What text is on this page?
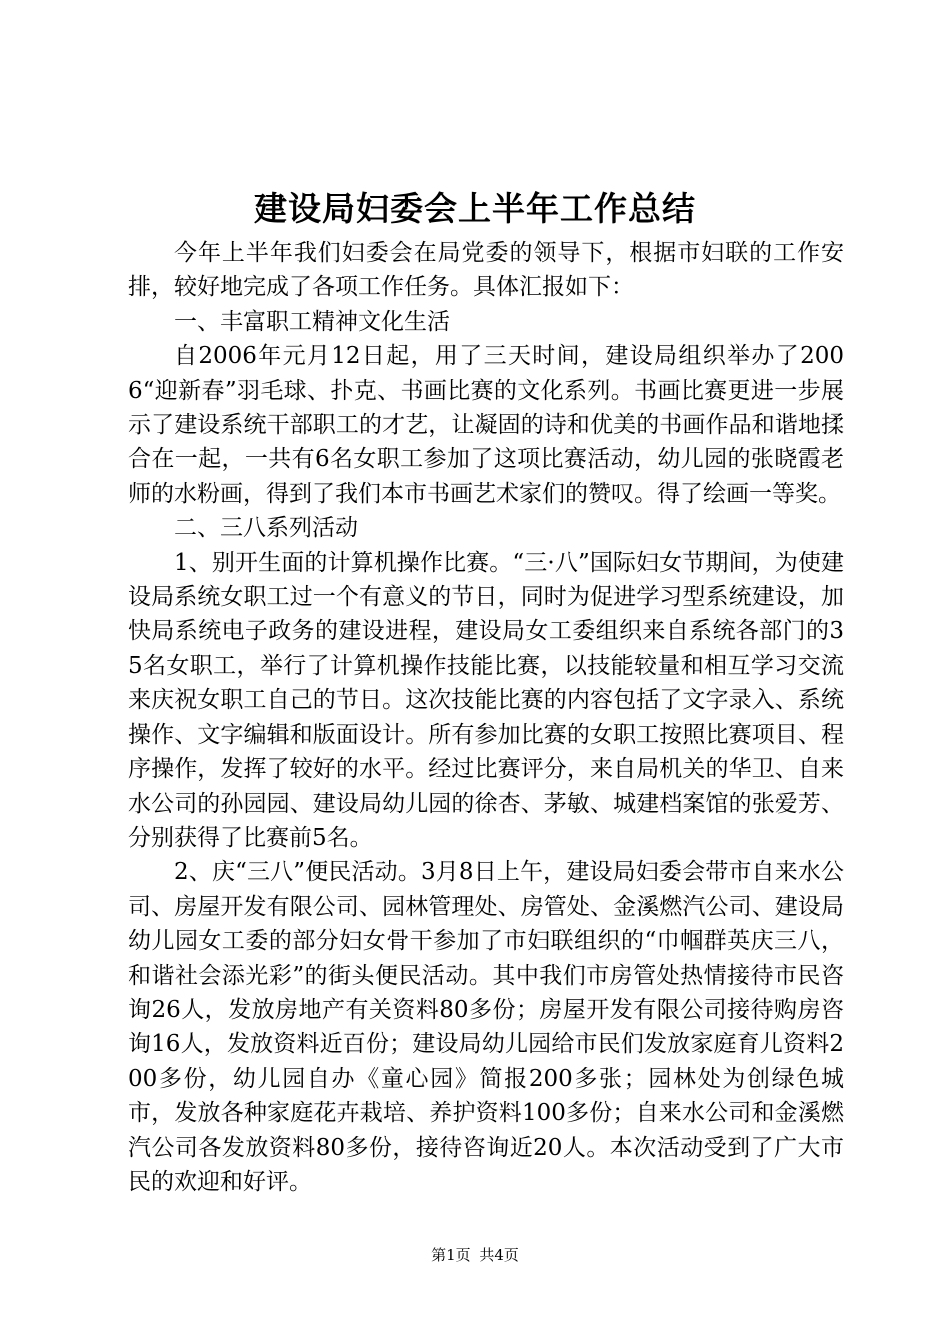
建设局妇委会上半年工作总结

今年上半年我们妇委会在局党委的领导下，根据市妇联的工作安排，较好地完成了各项工作任务。具体汇报如下：

一、丰富职工精神文化生活

自2006年元月12日起，用了三天时间，建设局组织举办了2006“迎新春”羽毛球、扑克、书画比赛的文化系列。书画比赛更进一步展示了建设系统干部职工的才艺，让凝固的诗和优美的书画作品和谐地揉合在一起，一共有6名女职工参加了这项比赛活动，幼儿园的张晓霞老师的水粉画，得到了我们本市书画艺术家们的赞叹。得了绘画一等奖。

二、三八系列活动

1、别开生面的计算机操作比赛。“三·八”国际妇女节期间，为使建设局系统女职工过一个有意义的节日，同时为促进学习型系统建设，加快局系统电子政务的建设进程，建设局女工委组织来自系统各部门的35名女职工，举行了计算机操作技能比赛，以技能较量和相互学习交流来庆祝女职工自己的节日。这次技能比赛的内容包括了文字录入、系统操作、文字编辑和版面设计。所有参加比赛的女职工按照比赛项目、程序操作，发挥了较好的水平。经过比赛评分，来自局机关的华卫、自来水公司的孙园园、建设局幼儿园的徐杏、茅敏、城建档案馆的张爱芳、分别获得了比赛前5名。

2、庆“三八”便民活动。3月8日上午，建设局妇委会带市自来水公司、房屋开发有限公司、园林管理处、房管处、金溪燃汽公司、建设局幼儿园女工委的部分妇女骨干参加了市妇联组织的“巾帼群英庆三八，和谐社会添光彩”的街头便民活动。其中我们市房管处热情接待市民咨询26人，发放房地产有关资料80多份；房屋开发有限公司接待购房咨询16人，发放资料近百份；建设局幼儿园给市民们发放家庭育儿资料200多份，幼儿园自办《童心园》简报200多张；园林处为创绿色城市，发放各种家庭花卉栽培、养护资料100多份；自来水公司和金溪燃汽公司各发放资料80多份，接待咨询近20人。本次活动受到了广大市民的欢迎和好评。

第1页 共4页
